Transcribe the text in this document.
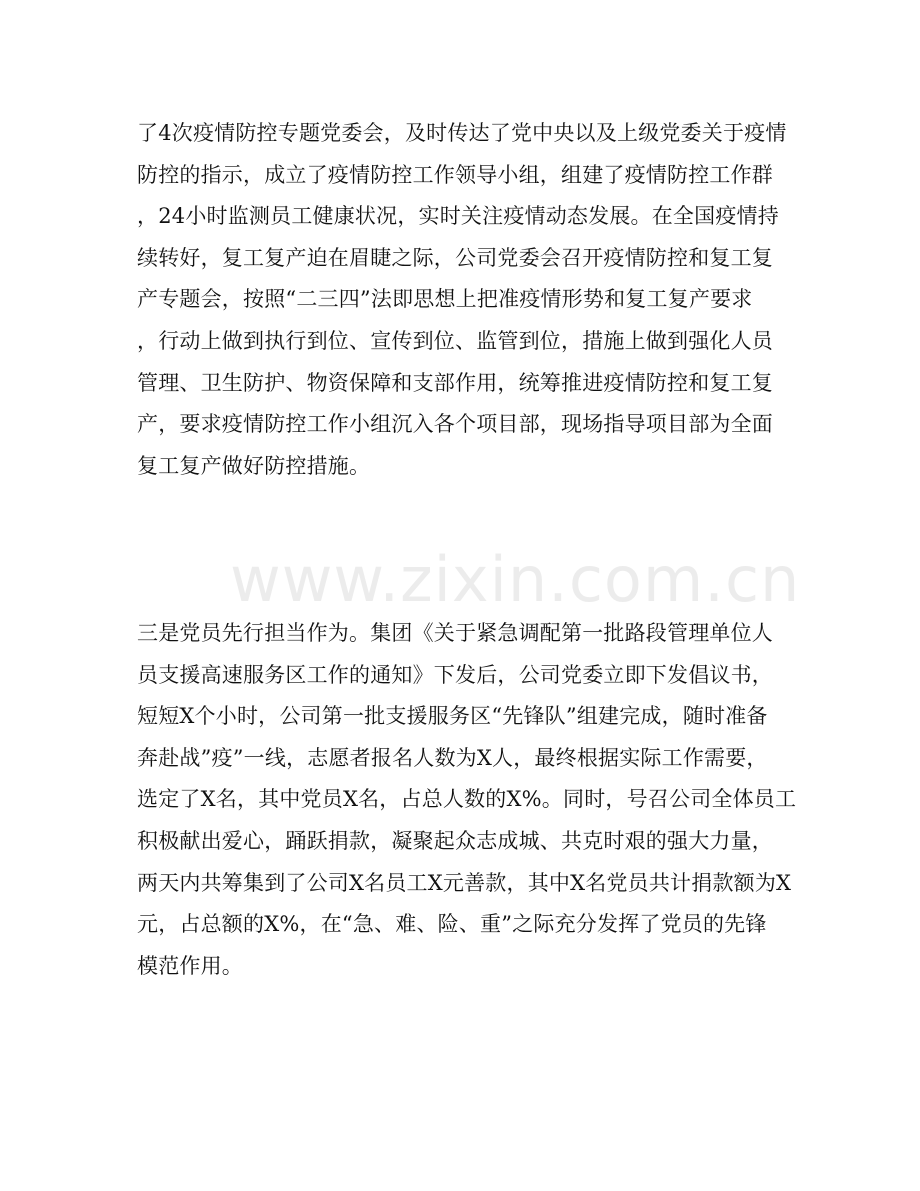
www.zixin.com.cn
了4次疫情防控专题党委会，及时传达了党中央以及上级党委关于疫情
防控的指示，成立了疫情防控工作领导小组，组建了疫情防控工作群
，24小时监测员工健康状况，实时关注疫情动态发展。在全国疫情持
续转好，复工复产迫在眉睫之际，公司党委会召开疫情防控和复工复
产专题会，按照“二三四”法即思想上把准疫情形势和复工复产要求
，行动上做到执行到位、宣传到位、监管到位，措施上做到强化人员
管理、卫生防护、物资保障和支部作用，统筹推进疫情防控和复工复
产，要求疫情防控工作小组沉入各个项目部，现场指导项目部为全面
复工复产做好防控措施。
三是党员先行担当作为。集团《关于紧急调配第一批路段管理单位人
员支援高速服务区工作的通知》下发后，公司党委立即下发倡议书，
短短X个小时，公司第一批支援服务区“先锋队”组建完成，随时准备
奔赴战”疫”一线，志愿者报名人数为X人，最终根据实际工作需要，
选定了X名，其中党员X名，占总人数的X%。同时，号召公司全体员工
积极献出爱心，踊跃捐款，凝聚起众志成城、共克时艰的强大力量，
两天内共筹集到了公司X名员工X元善款，其中X名党员共计捐款额为X
元，占总额的X%，在“急、难、险、重”之际充分发挥了党员的先锋
模范作用。
